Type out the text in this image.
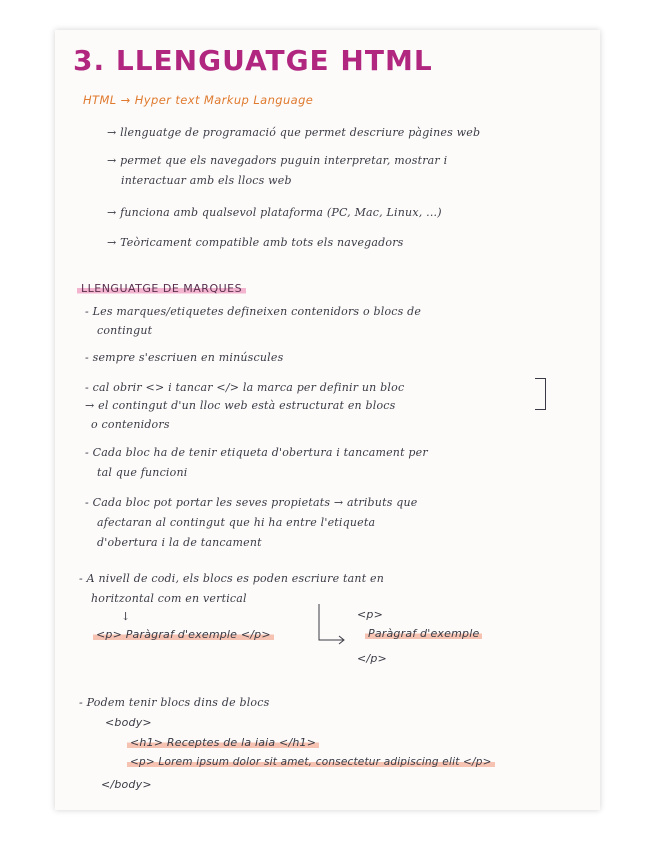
3. LLENGUATGE HTML
HTML → Hyper text Markup Language
→ llenguatge de programació que permet descriure pàgines web
→ permet que els navegadors puguin interpretar, mostrar i
interactuar amb els llocs web
→ funciona amb qualsevol plataforma (PC, Mac, Linux, ...)
→ Teòricament compatible amb tots els navegadors
LLENGUATGE DE MARQUES
- Les marques/etiquetes defineixen contenidors o blocs de
contingut
- sempre s'escriuen en minúscules
- cal obrir <> i tancar </> la marca per definir un bloc
→ el contingut d'un lloc web està estructurat en blocs
o contenidors
- Cada bloc ha de tenir etiqueta d'obertura i tancament per
tal que funcioni
- Cada bloc pot portar les seves propietats → atributs que
afectaran al contingut que hi ha entre l'etiqueta
d'obertura i la de tancament
- A nivell de codi, els blocs es poden escriure tant en
horitzontal com en vertical
↓
<p> Paràgraf d'exemple </p>
<p>
Paràgraf d'exemple
</p>
- Podem tenir blocs dins de blocs
<body>
<h1> Receptes de la iaia </h1>
<p> Lorem ipsum dolor sit amet, consectetur adipiscing elit </p>
</body>
